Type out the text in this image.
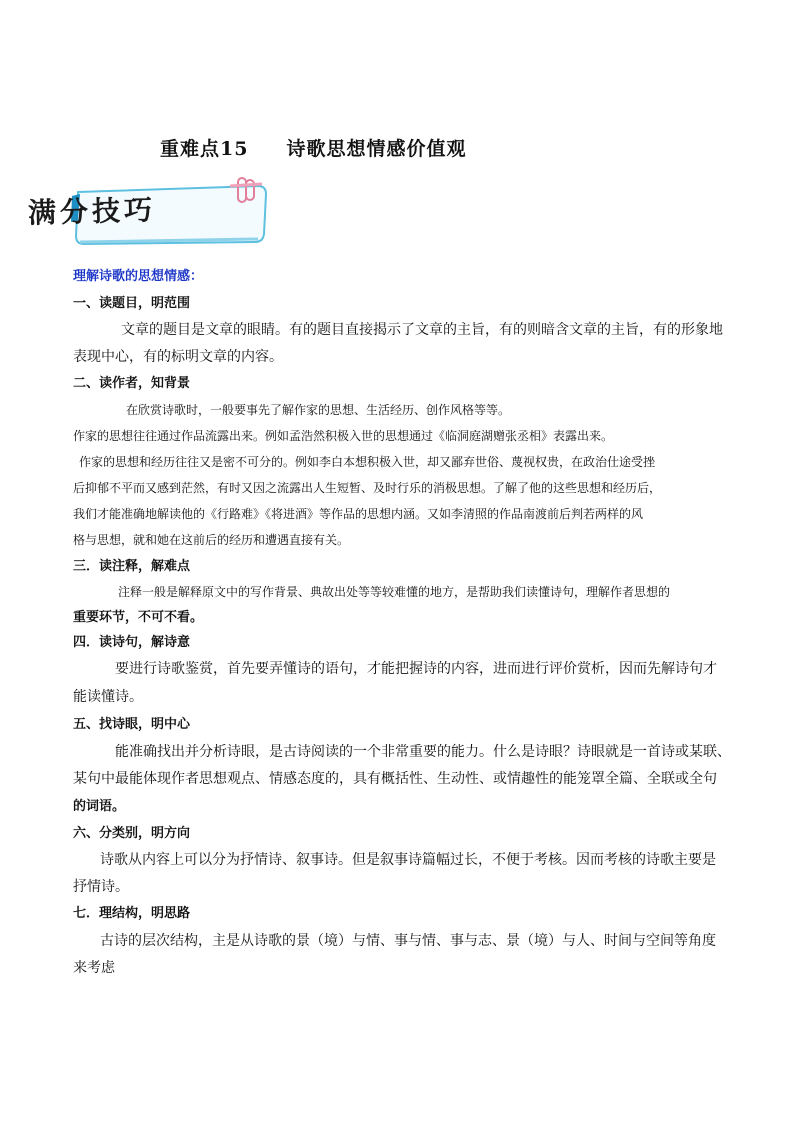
重难点15 诗歌思想情感价值观
满分技巧
理解诗歌的思想情感：
一、读题目，明范围
文章的题目是文章的眼睛。有的题目直接揭示了文章的主旨，有的则暗含文章的主旨，有的形象地
表现中心，有的标明文章的内容。
二、读作者，知背景
在欣赏诗歌时，一般要事先了解作家的思想、生活经历、创作风格等等。
作家的思想往往通过作品流露出来。例如孟浩然积极入世的思想通过《临洞庭湖赠张丞相》表露出来。
作家的思想和经历往往又是密不可分的。例如李白本想积极入世，却又鄙弃世俗、蔑视权贵，在政治仕途受挫
后抑郁不平而又感到茫然，有时又因之流露出人生短暂、及时行乐的消极思想。了解了他的这些思想和经历后，
我们才能准确地解读他的《行路难》《将进酒》等作品的思想内涵。又如李清照的作品南渡前后判若两样的风
格与思想，就和她在这前后的经历和遭遇直接有关。
三．读注释，解难点
注释一般是解释原文中的写作背景、典故出处等等较难懂的地方，是帮助我们读懂诗句，理解作者思想的
重要环节，不可不看。
四．读诗句，解诗意
要进行诗歌鉴赏，首先要弄懂诗的语句，才能把握诗的内容，进而进行评价赏析，因而先解诗句才
能读懂诗。
五、找诗眼，明中心
能准确找出并分析诗眼，是古诗阅读的一个非常重要的能力。什么是诗眼？诗眼就是一首诗或某联、
某句中最能体现作者思想观点、情感态度的，具有概括性、生动性、或情趣性的能笼罩全篇、全联或全句
的词语。
六、分类别，明方向
诗歌从内容上可以分为抒情诗、叙事诗。但是叙事诗篇幅过长，不便于考核。因而考核的诗歌主要是
抒情诗。
七．理结构，明思路
古诗的层次结构，主是从诗歌的景（境）与情、事与情、事与志、景（境）与人、时间与空间等角度
来考虑
